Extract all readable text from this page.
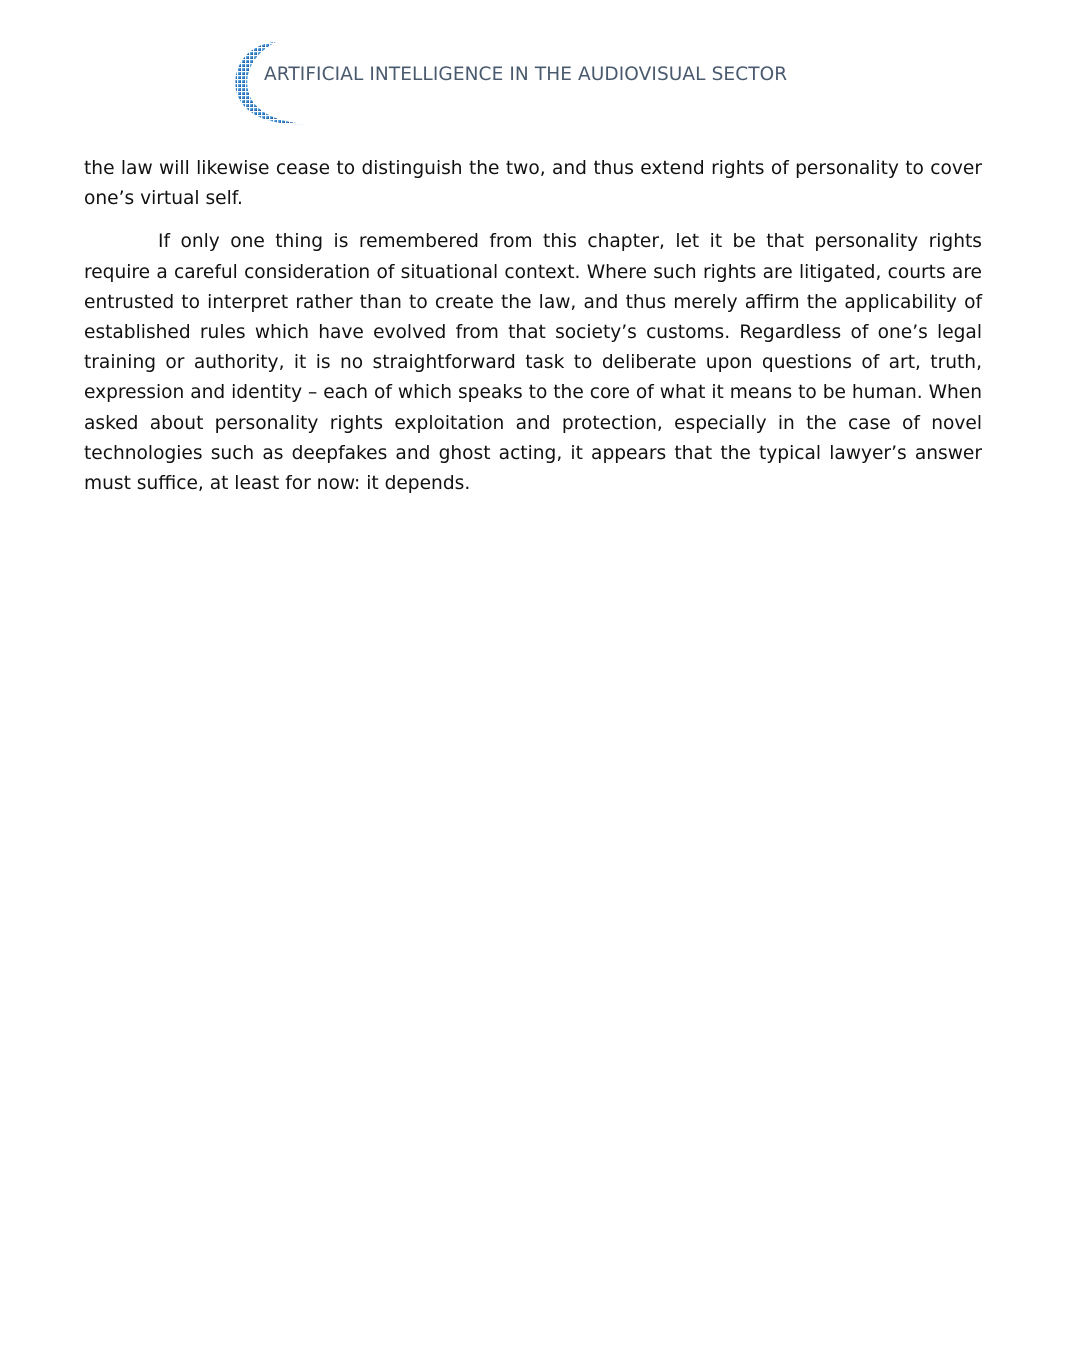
ARTIFICIAL INTELLIGENCE IN THE AUDIOVISUAL SECTOR

the law will likewise cease to distinguish the two, and thus extend rights of personality to cover one’s virtual self.

If only one thing is remembered from this chapter, let it be that personality rights require a careful consideration of situational context. Where such rights are litigated, courts are entrusted to interpret rather than to create the law, and thus merely affirm the applicability of established rules which have evolved from that society’s customs. Regardless of one’s legal training or authority, it is no straightforward task to deliberate upon questions of art, truth, expression and identity – each of which speaks to the core of what it means to be human. When asked about personality rights exploitation and protection, especially in the case of novel technologies such as deepfakes and ghost acting, it appears that the typical lawyer’s answer must suffice, at least for now: it depends.
